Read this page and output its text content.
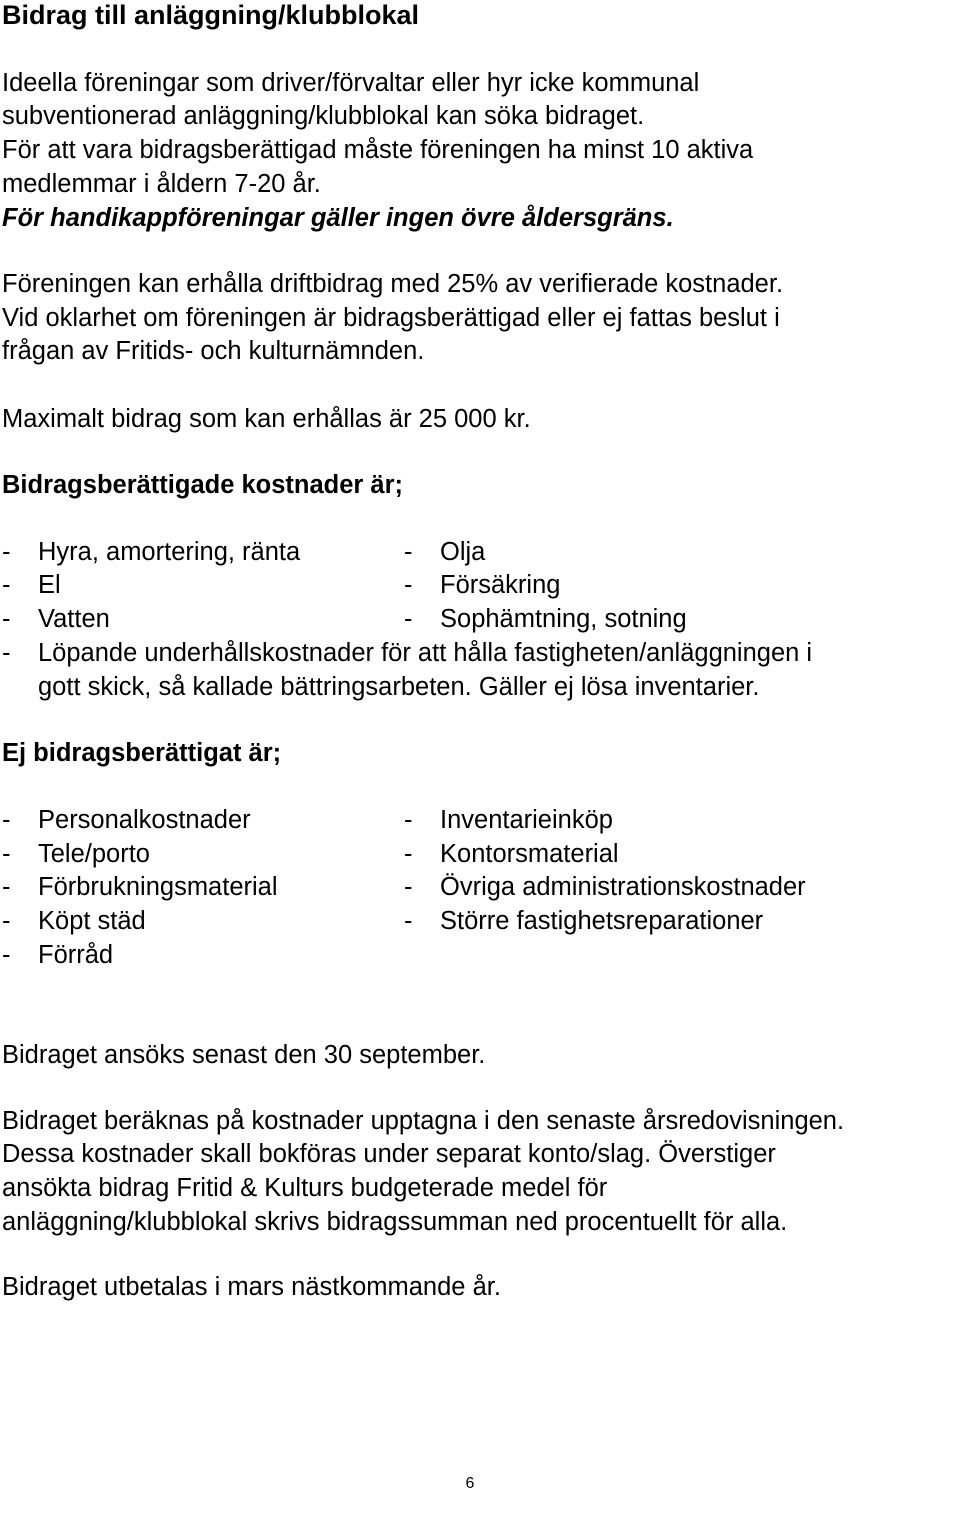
Bidrag till anläggning/klubblokal
Ideella föreningar som driver/förvaltar eller hyr icke kommunal
subventionerad anläggning/klubblokal kan söka bidraget.
För att vara bidragsberättigad måste föreningen ha minst 10 aktiva
medlemmar i åldern 7-20 år.
För handikappföreningar gäller ingen övre åldersgräns.
Föreningen kan erhålla driftbidrag med 25% av verifierade kostnader.
Vid oklarhet om föreningen är bidragsberättigad eller ej fattas beslut i
frågan av Fritids- och kulturnämnden.
Maximalt bidrag som kan erhållas är 25 000 kr.
Bidragsberättigade kostnader är;
- Hyra, amortering, ränta	- Olja
- El	- Försäkring
- Vatten	- Sophämtning, sotning
- Löpande underhållskostnader för att hålla fastigheten/anläggningen i
gott skick, så kallade bättringsarbeten. Gäller ej lösa inventarier.
Ej bidragsberättigat är;
- Personalkostnader	- Inventarieinköp
- Tele/porto	- Kontorsmaterial
- Förbrukningsmaterial	- Övriga administrationskostnader
- Köpt städ	- Större fastighetsreparationer
- Förråd
Bidraget ansöks senast den 30 september.
Bidraget beräknas på kostnader upptagna i den senaste årsredovisningen.
Dessa kostnader skall bokföras under separat konto/slag. Överstiger
ansökta bidrag Fritid & Kulturs budgeterade medel för
anläggning/klubblokal skrivs bidragssumman ned procentuellt för alla.
Bidraget utbetalas i mars nästkommande år.
6
